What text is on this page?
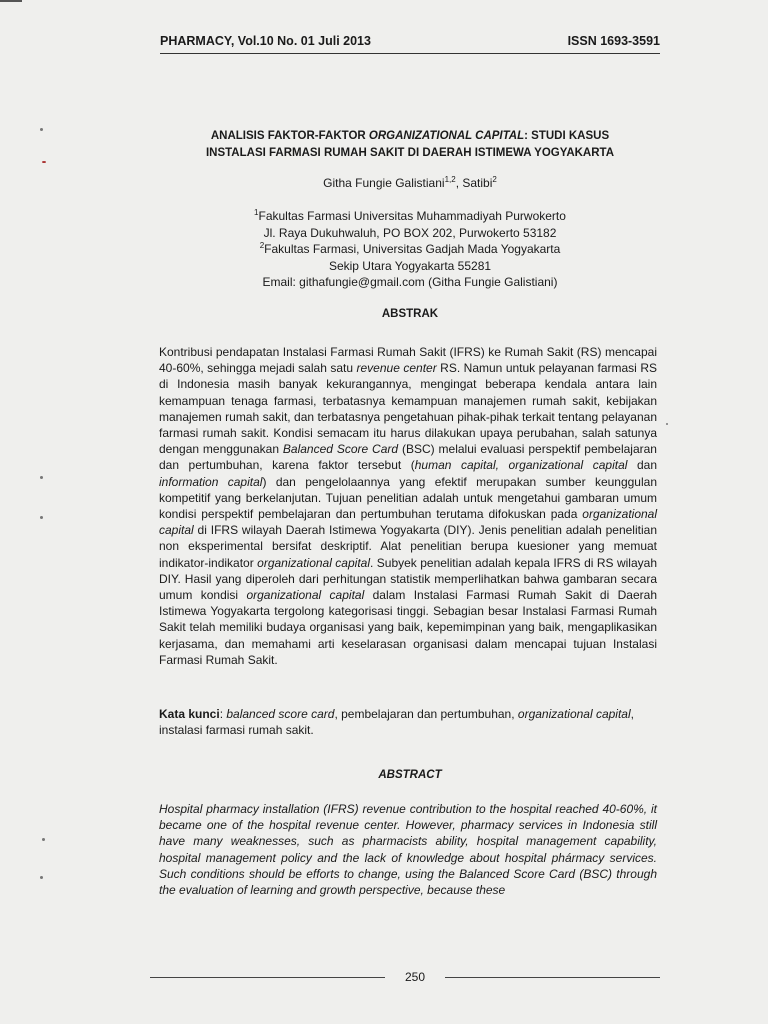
PHARMACY, Vol.10 No. 01 Juli 2013	ISSN 1693-3591
ANALISIS FAKTOR-FAKTOR ORGANIZATIONAL CAPITAL: STUDI KASUS
INSTALASI FARMASI RUMAH SAKIT DI DAERAH ISTIMEWA YOGYAKARTA
Githa Fungie Galistiani$^{1,2}$, Satibi$^2$
$^1$Fakultas Farmasi Universitas Muhammadiyah Purwokerto
Jl. Raya Dukuhwaluh, PO BOX 202, Purwokerto 53182
$^2$Fakultas Farmasi, Universitas Gadjah Mada Yogyakarta
Sekip Utara Yogyakarta 55281
Email: githafungie@gmail.com (Githa Fungie Galistiani)
ABSTRAK
Kontribusi pendapatan Instalasi Farmasi Rumah Sakit (IFRS) ke Rumah Sakit (RS) mencapai 40-60%, sehingga mejadi salah satu revenue center RS. Namun untuk pelayanan farmasi RS di Indonesia masih banyak kekurangannya, mengingat beberapa kendala antara lain kemampuan tenaga farmasi, terbatasnya kemampuan manajemen rumah sakit, kebijakan manajemen rumah sakit, dan terbatasnya pengetahuan pihak-pihak terkait tentang pelayanan farmasi rumah sakit. Kondisi semacam itu harus dilakukan upaya perubahan, salah satunya dengan menggunakan Balanced Score Card (BSC) melalui evaluasi perspektif pembelajaran dan pertumbuhan, karena faktor tersebut (human capital, organizational capital dan information capital) dan pengelolaannya yang efektif merupakan sumber keunggulan kompetitif yang berkelanjutan. Tujuan penelitian adalah untuk mengetahui gambaran umum kondisi perspektif pembelajaran dan pertumbuhan terutama difokuskan pada organizational capital di IFRS wilayah Daerah Istimewa Yogyakarta (DIY). Jenis penelitian adalah penelitian non eksperimental bersifat deskriptif. Alat penelitian berupa kuesioner yang memuat indikator-indikator organizational capital. Subyek penelitian adalah kepala IFRS di RS wilayah DIY. Hasil yang diperoleh dari perhitungan statistik memperlihatkan bahwa gambaran secara umum kondisi organizational capital dalam Instalasi Farmasi Rumah Sakit di Daerah Istimewa Yogyakarta tergolong kategorisasi tinggi. Sebagian besar Instalasi Farmasi Rumah Sakit telah memiliki budaya organisasi yang baik, kepemimpinan yang baik, mengaplikasikan kerjasama, dan memahami arti keselarasan organisasi dalam mencapai tujuan Instalasi Farmasi Rumah Sakit.
Kata kunci: balanced score card, pembelajaran dan pertumbuhan, organizational capital, instalasi farmasi rumah sakit.
ABSTRACT
Hospital pharmacy installation (IFRS) revenue contribution to the hospital reached 40-60%, it became one of the hospital revenue center. However, pharmacy services in Indonesia still have many weaknesses, such as pharmacists ability, hospital management capability, hospital management policy and the lack of knowledge about hospital phármacy services. Such conditions should be efforts to change, using the Balanced Score Card (BSC) through the evaluation of learning and growth perspective, because these
250
